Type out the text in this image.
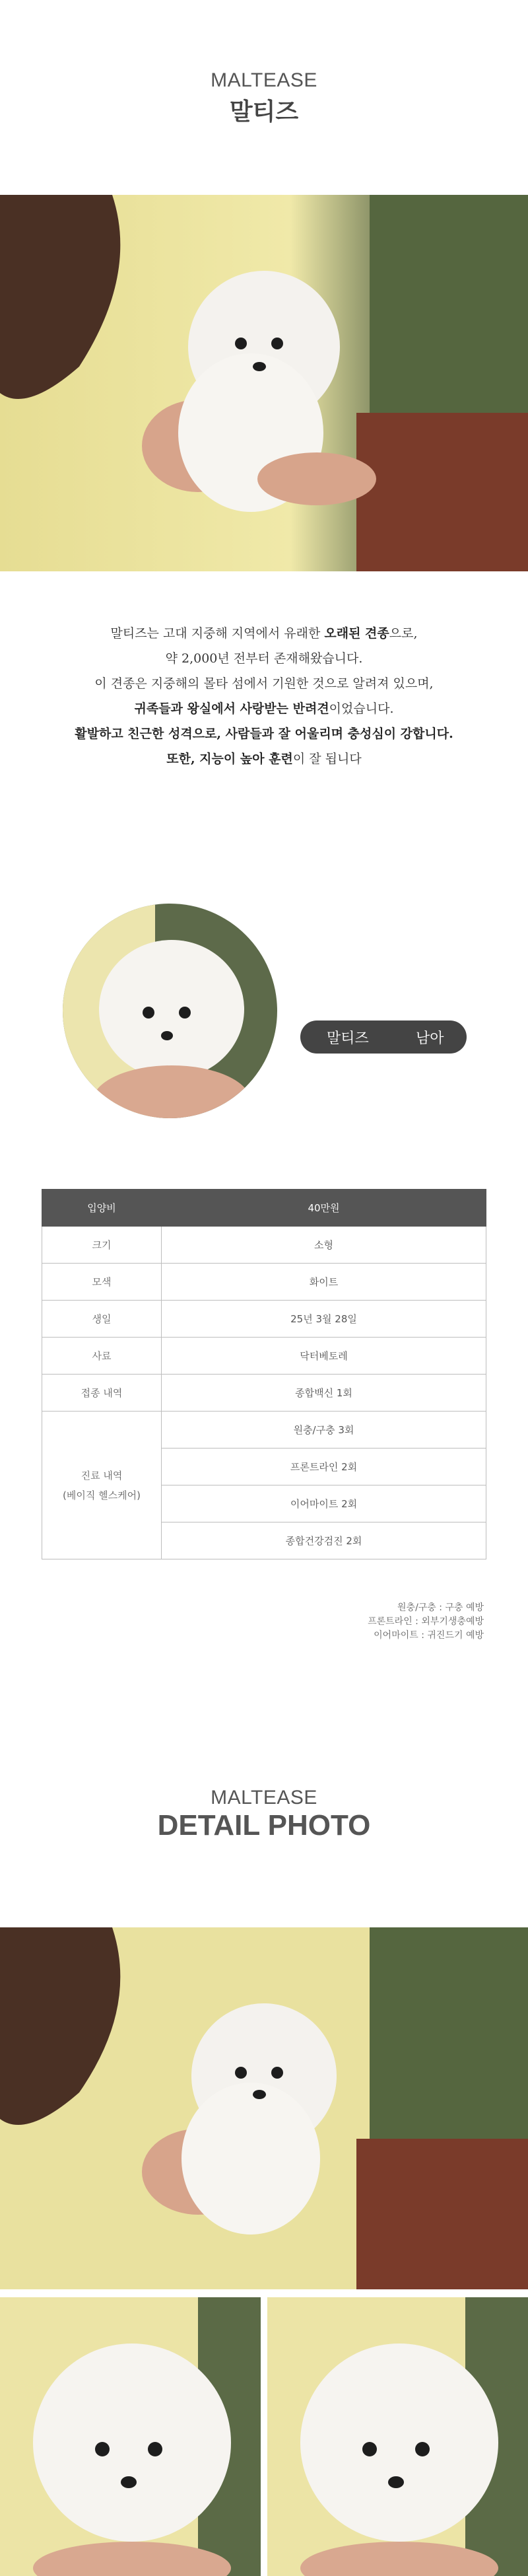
MALTEASE
말티즈

말티즈는 고대 지중해 지역에서 유래한 오래된 견종으로,

약 2,000년 전부터 존재해왔습니다.

이 견종은 지중해의 몰타 섬에서 기원한 것으로 알려져 있으며,

귀족들과 왕실에서 사랑받는 반려견이었습니다.

활발하고 친근한 성격으로, 사람들과 잘 어울리며 충성심이 강합니다.

또한, 지능이 높아 훈련이 잘 됩니다

말티즈	남아
입양비	40만원
크기	소형
모색	화이트
생일	25년 3월 28일
사료	닥터베토레
접종 내역	종합백신 1회

진료 내역
(베이직 헬스케어)	원충/구충 3회
	프론트라인 2회
	이어마이트 2회
	종합건강검진 2회
원충/구충 : 구충 예방
프론트라인 : 외부기생충예방
이어마이트 : 귀진드기 예방
MALTEASE
DETAIL PHOTO
